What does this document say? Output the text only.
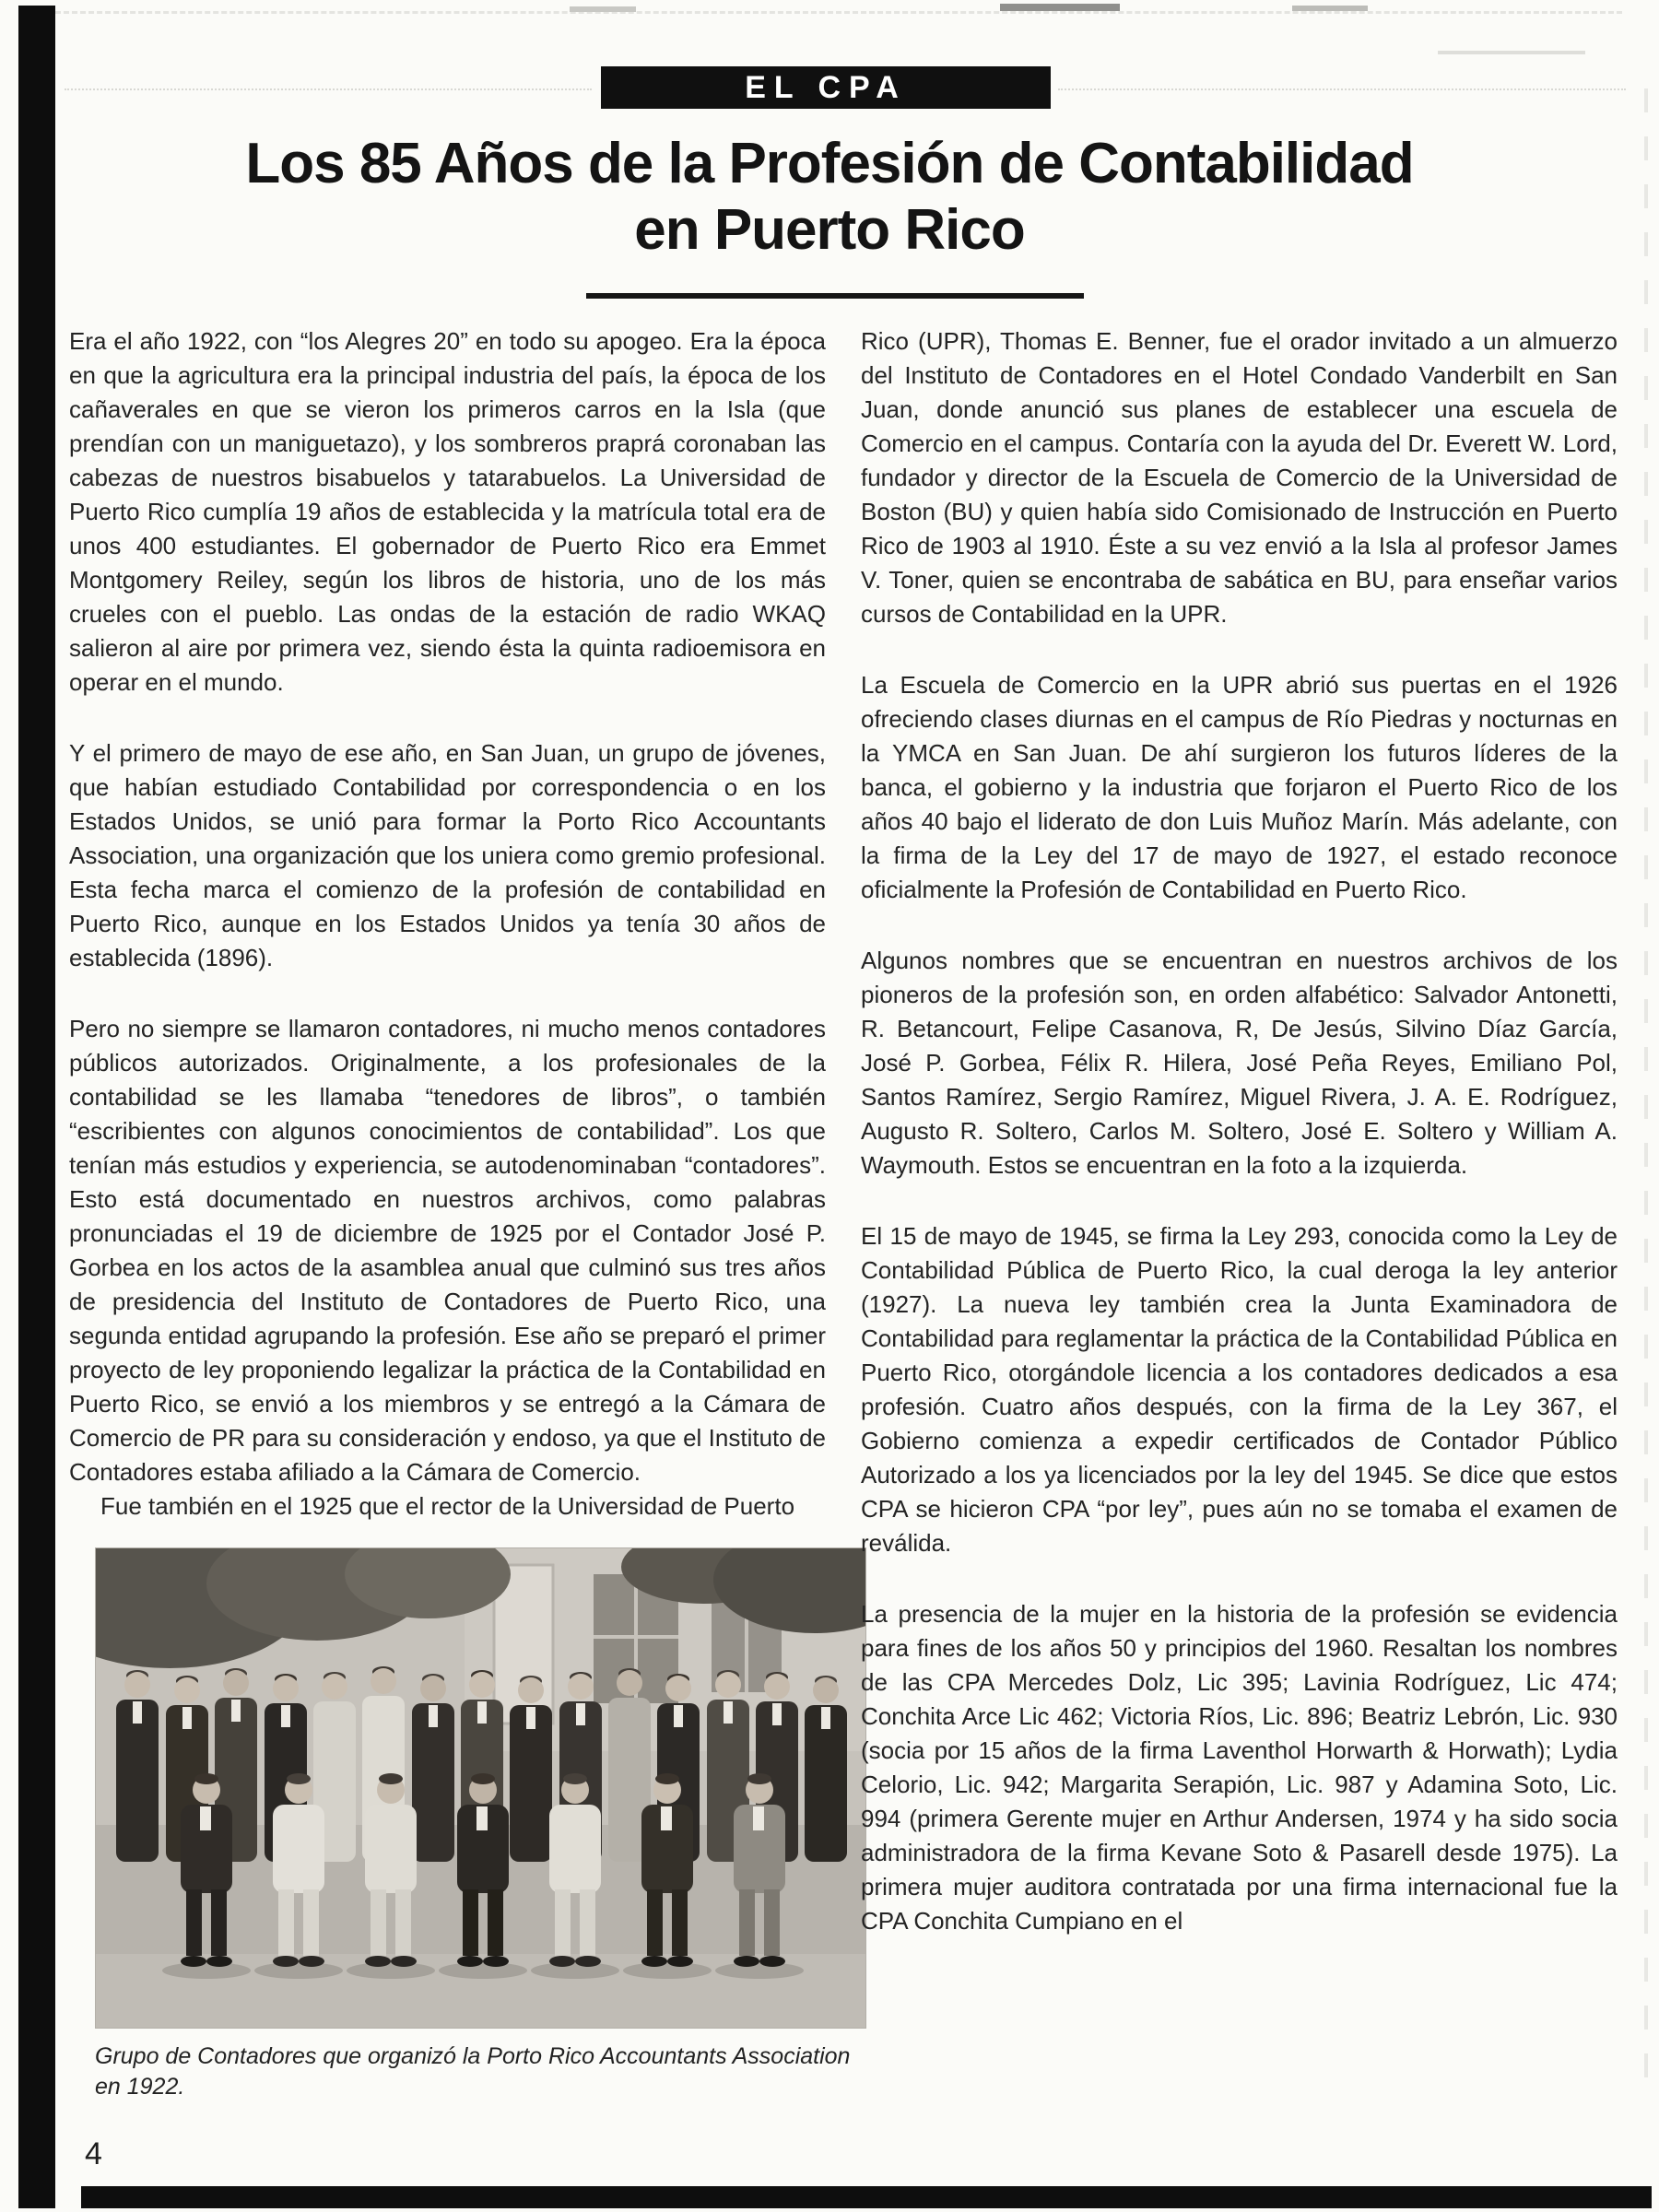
EL CPA
Los 85 Años de la Profesión de Contabilidad
en Puerto Rico

Era el año 1922, con “los Alegres 20” en todo su apogeo. Era la época en que la agricultura era la principal industria del país, la época de los cañaverales en que se vieron los primeros carros en la Isla (que prendían con un maniguetazo), y los sombreros praprá coronaban las cabezas de nuestros bisabuelos y tatarabuelos. La Universidad de Puerto Rico cumplía 19 años de establecida y la matrícula total era de unos 400 estudiantes. El gobernador de Puerto Rico era Emmet Montgomery Reiley, según los libros de historia, uno de los más crueles con el pueblo. Las ondas de la estación de radio WKAQ salieron al aire por primera vez, siendo ésta la quinta radioemisora en operar en el mundo.

Y el primero de mayo de ese año, en San Juan, un grupo de jóvenes, que habían estudiado Contabilidad por correspondencia o en los Estados Unidos, se unió para formar la Porto Rico Accountants Association, una organización que los uniera como gremio profesional. Esta fecha marca el comienzo de la profesión de contabilidad en Puerto Rico, aunque en los Estados Unidos ya tenía 30 años de establecida (1896).

Pero no siempre se llamaron contadores, ni mucho menos contadores públicos autorizados. Originalmente, a los profesionales de la contabilidad se les llamaba “tenedores de libros”, o también “escribientes con algunos conocimientos de contabilidad”. Los que tenían más estudios y experiencia, se autodenominaban “contadores”. Esto está documentado en nuestros archivos, como palabras pronunciadas el 19 de diciembre de 1925 por el Contador José P. Gorbea en los actos de la asamblea anual que culminó sus tres años de presidencia del Instituto de Contadores de Puerto Rico, una segunda entidad agrupando la profesión. Ese año se preparó el primer proyecto de ley proponiendo legalizar la práctica de la Contabilidad en Puerto Rico, se envió a los miembros y se entregó a la Cámara de Comercio de PR para su consideración y endoso, ya que el Instituto de Contadores estaba afiliado a la Cámara de Comercio.

Fue también en el 1925 que el rector de la Universidad de Puerto

Grupo de Contadores que organizó la Porto Rico Accountants Association en 1922.

Rico (UPR), Thomas E. Benner, fue el orador invitado a un almuerzo del Instituto de Contadores en el Hotel Condado Vanderbilt en San Juan, donde anunció sus planes de establecer una escuela de Comercio en el campus. Contaría con la ayuda del Dr. Everett W. Lord, fundador y director de la Escuela de Comercio de la Universidad de Boston (BU) y quien había sido Comisionado de Instrucción en Puerto Rico de 1903 al 1910. Éste a su vez envió a la Isla al profesor James V. Toner, quien se encontraba de sabática en BU, para enseñar varios cursos de Contabilidad en la UPR.

La Escuela de Comercio en la UPR abrió sus puertas en el 1926 ofreciendo clases diurnas en el campus de Río Piedras y nocturnas en la YMCA en San Juan. De ahí surgieron los futuros líderes de la banca, el gobierno y la industria que forjaron el Puerto Rico de los años 40 bajo el liderato de don Luis Muñoz Marín. Más adelante, con la firma de la Ley del 17 de mayo de 1927, el estado reconoce oficialmente la Profesión de Contabilidad en Puerto Rico.

Algunos nombres que se encuentran en nuestros archivos de los pioneros de la profesión son, en orden alfabético: Salvador Antonetti, R. Betancourt, Felipe Casanova, R, De Jesús, Silvino Díaz García, José P. Gorbea, Félix R. Hilera, José Peña Reyes, Emiliano Pol, Santos Ramírez, Sergio Ramírez, Miguel Rivera, J. A. E. Rodríguez, Augusto R. Soltero, Carlos M. Soltero, José E. Soltero y William A. Waymouth. Estos se encuentran en la foto a la izquierda.

El 15 de mayo de 1945, se firma la Ley 293, conocida como la Ley de Contabilidad Pública de Puerto Rico, la cual deroga la ley anterior (1927). La nueva ley también crea la Junta Examinadora de Contabilidad para reglamentar la práctica de la Contabilidad Pública en Puerto Rico, otorgándole licencia a los contadores dedicados a esa profesión. Cuatro años después, con la firma de la Ley 367, el Gobierno comienza a expedir certificados de Contador Público Autorizado a los ya licenciados por la ley del 1945. Se dice que estos CPA se hicieron CPA “por ley”, pues aún no se tomaba el examen de reválida.

La presencia de la mujer en la historia de la profesión se evidencia para fines de los años 50 y principios del 1960. Resaltan los nombres de las CPA Mercedes Dolz, Lic 395; Lavinia Rodríguez, Lic 474; Conchita Arce Lic 462; Victoria Ríos, Lic. 896; Beatriz Lebrón, Lic. 930 (socia por 15 años de la firma Laventhol Horwarth & Horwath); Lydia Celorio, Lic. 942; Margarita Serapión, Lic. 987 y Adamina Soto, Lic. 994 (primera Gerente mujer en Arthur Andersen, 1974 y ha sido socia administradora de la firma Kevane Soto & Pasarell desde 1975). La primera mujer auditora contratada por una firma internacional fue la CPA Conchita Cumpiano en el

4
